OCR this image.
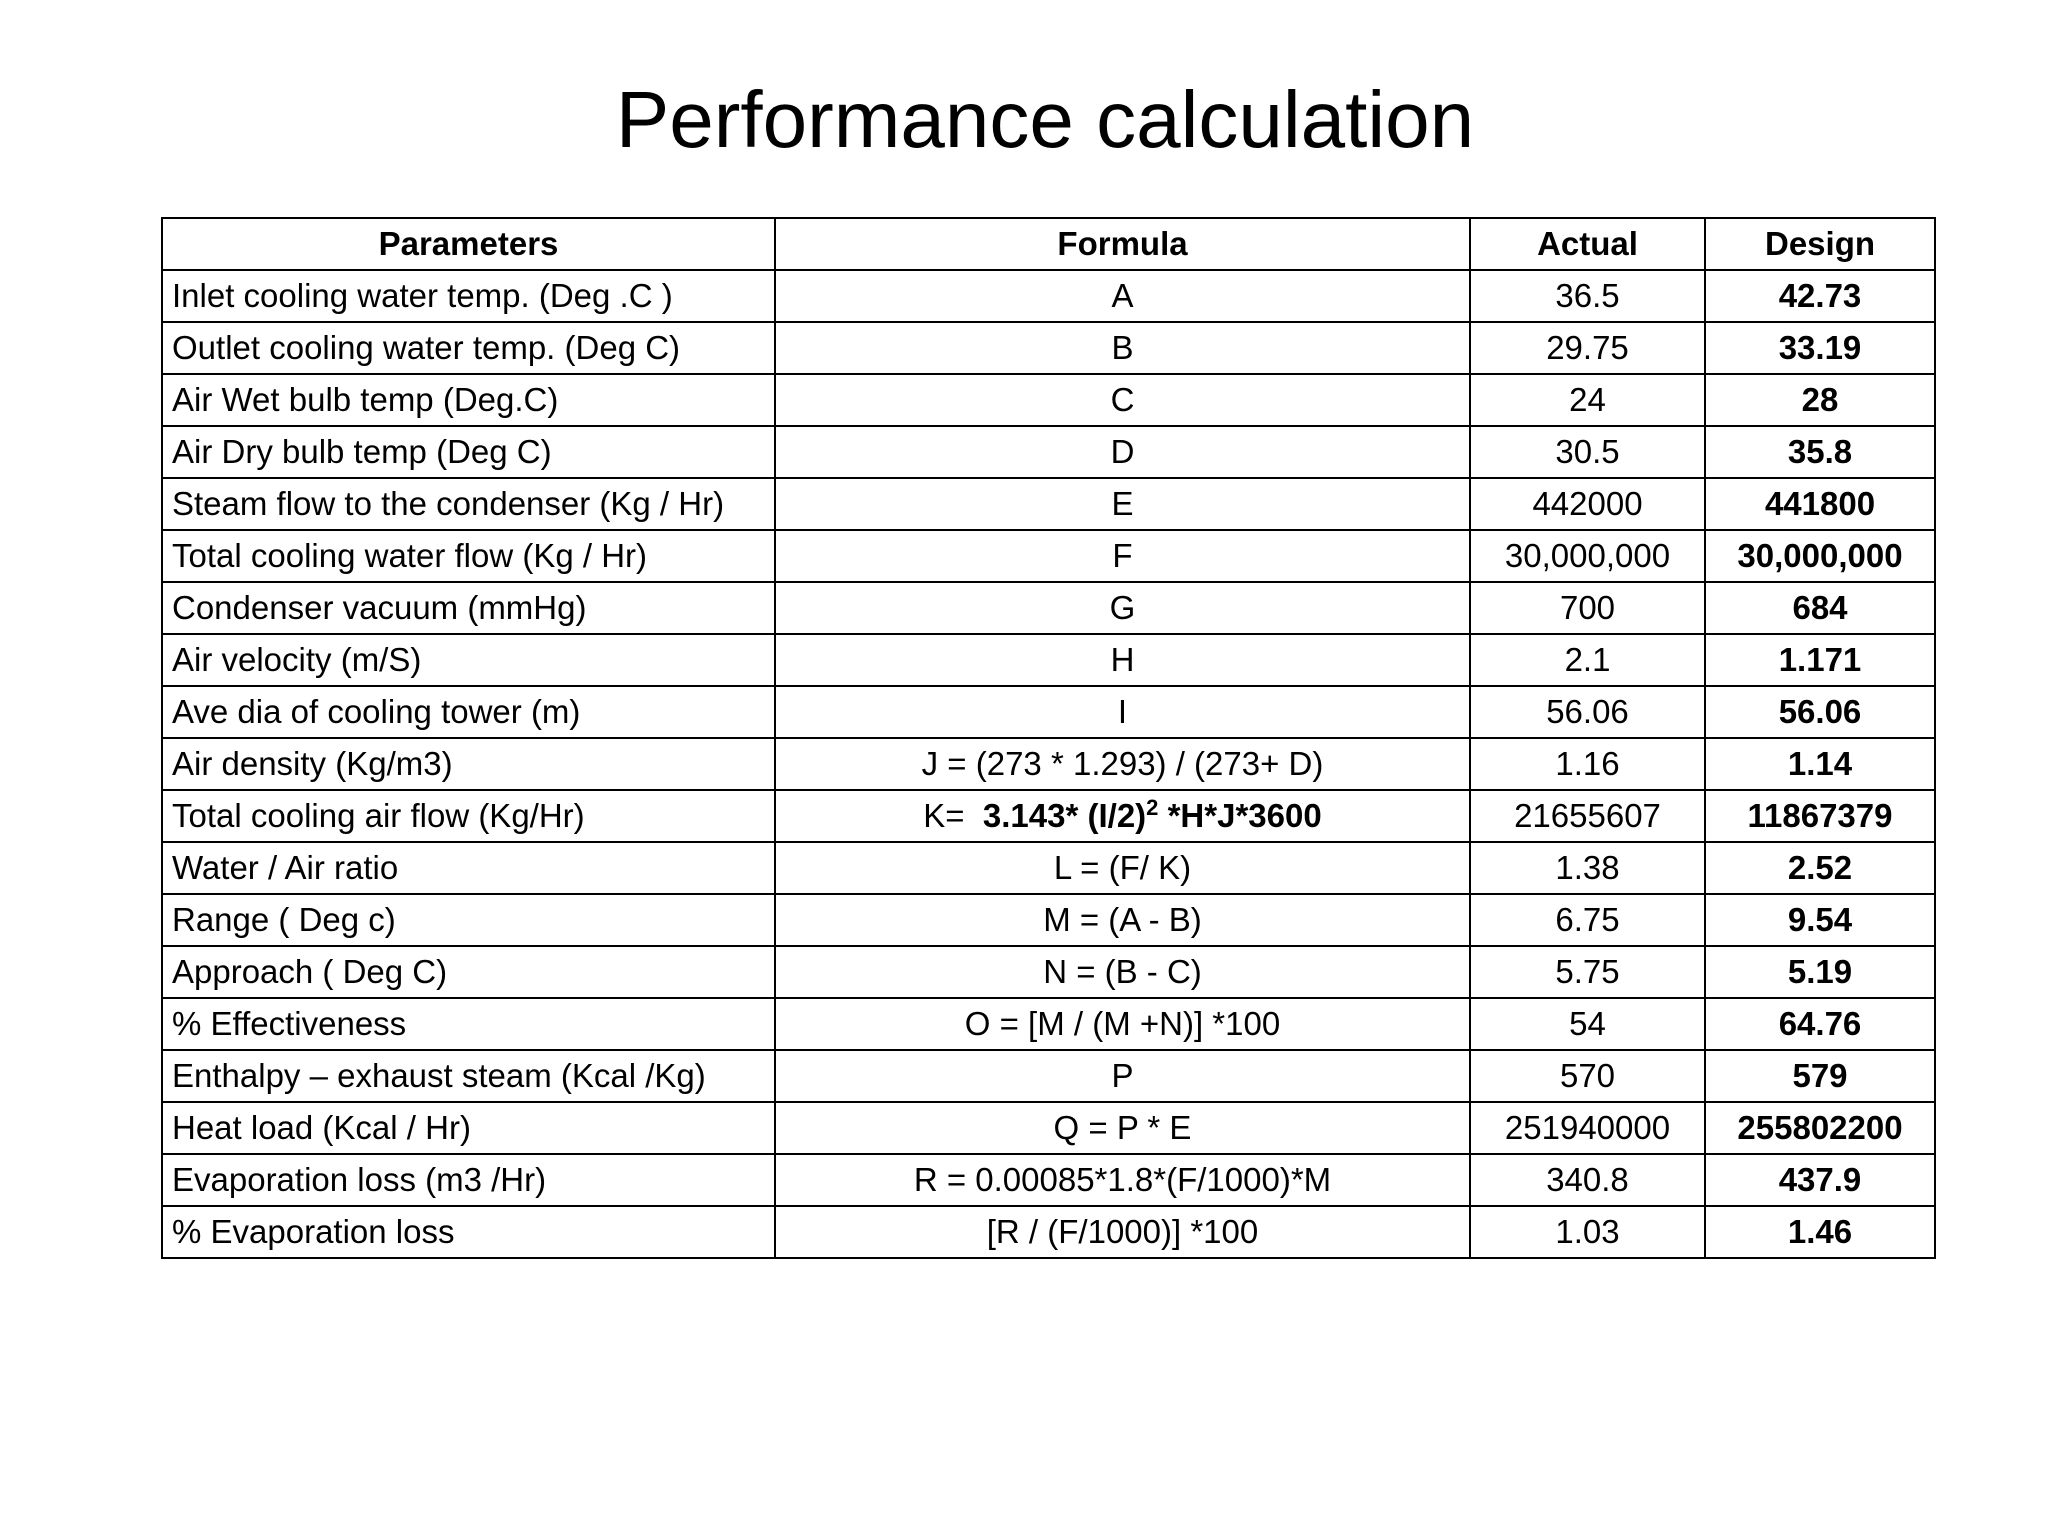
Performance calculation
Parameters	Formula	Actual	Design
Inlet cooling water temp. (Deg .C )	A	36.5	42.73
Outlet cooling water temp. (Deg C)	B	29.75	33.19
Air Wet bulb temp (Deg.C)	C	24	28
Air Dry bulb temp (Deg C)	D	30.5	35.8
Steam flow to the condenser (Kg / Hr)	E	442000	441800
Total cooling water flow (Kg / Hr)	F	30,000,000	30,000,000
Condenser vacuum (mmHg)	G	700	684
Air velocity (m/S)	H	2.1	1.171
Ave dia of cooling tower (m)	I	56.06	56.06
Air density (Kg/m3)	J = (273 * 1.293) / (273+ D)	1.16	1.14
Total cooling air flow (Kg/Hr)	K=  3.143* $(I/2)^2$ *H*J*3600	21655607	11867379
Water / Air ratio	L = (F/ K)	1.38	2.52
Range ( Deg c)	M = (A - B)	6.75	9.54
Approach ( Deg C)	N = (B - C)	5.75	5.19
% Effectiveness	O = [M / (M +N)] *100	54	64.76
Enthalpy – exhaust steam (Kcal /Kg)	P	570	579
Heat load (Kcal / Hr)	Q = P * E	251940000	255802200
Evaporation loss (m3 /Hr)	R = 0.00085*1.8*(F/1000)*M	340.8	437.9
% Evaporation loss	[R / (F/1000)] *100	1.03	1.46
